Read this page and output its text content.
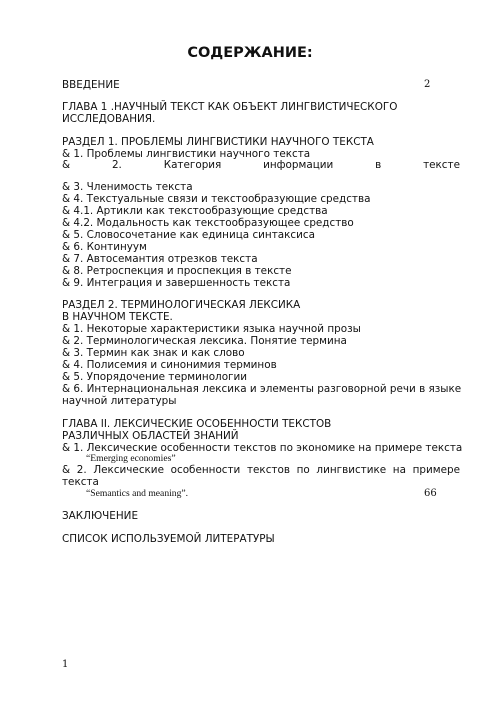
СОДЕРЖАНИЕ:
ВВЕДЕНИЕ	2
ГЛАВА 1 .НАУЧНЫЙ ТЕКСТ КАК ОБЪЕКТ ЛИНГВИСТИЧЕСКОГО
ИССЛЕДОВАНИЯ.
РАЗДЕЛ 1. ПРОБЛЕМЫ ЛИНГВИСТИКИ НАУЧНОГО ТЕКСТА
& 1. Проблемы лингвистики научного текста
&	2.	Категория	информации	в	тексте
& 3. Членимость текста
& 4. Текстуальные связи и текстообразующие средства
& 4.1. Артикли как текстообразующие средства
& 4.2. Модальность как текстообразующее средство
& 5. Словосочетание как единица синтаксиса
& 6. Континуум
& 7. Автосемантия отрезков текста
& 8. Ретроспекция и проспекция в тексте
& 9. Интеграция и завершенность текста
РАЗДЕЛ 2. ТЕРМИНОЛОГИЧЕСКАЯ ЛЕКСИКА
В НАУЧНОМ ТЕКСТЕ.
& 1. Некоторые характеристики языка научной прозы
& 2. Терминологическая лексика. Понятие термина
& 3. Термин как знак и как слово
& 4. Полисемия и синонимия терминов
& 5. Упорядочение терминологии
& 6. Интернациональная лексика и элементы разговорной речи в языке
научной литературы
ГЛАВА II. ЛЕКСИЧЕСКИЕ ОСОБЕННОСТИ ТЕКСТОВ
РАЗЛИЧНЫХ ОБЛАСТЕЙ ЗНАНИЙ
& 1. Лексические особенности текстов по экономике на примере текста
“Emerging economies”
& 2. Лексические особенности текстов по лингвистике на примере
текста
“Semantics and meaning”.	66
ЗАКЛЮЧЕНИЕ
СПИСОК ИСПОЛЬЗУЕМОЙ ЛИТЕРАТУРЫ
1
